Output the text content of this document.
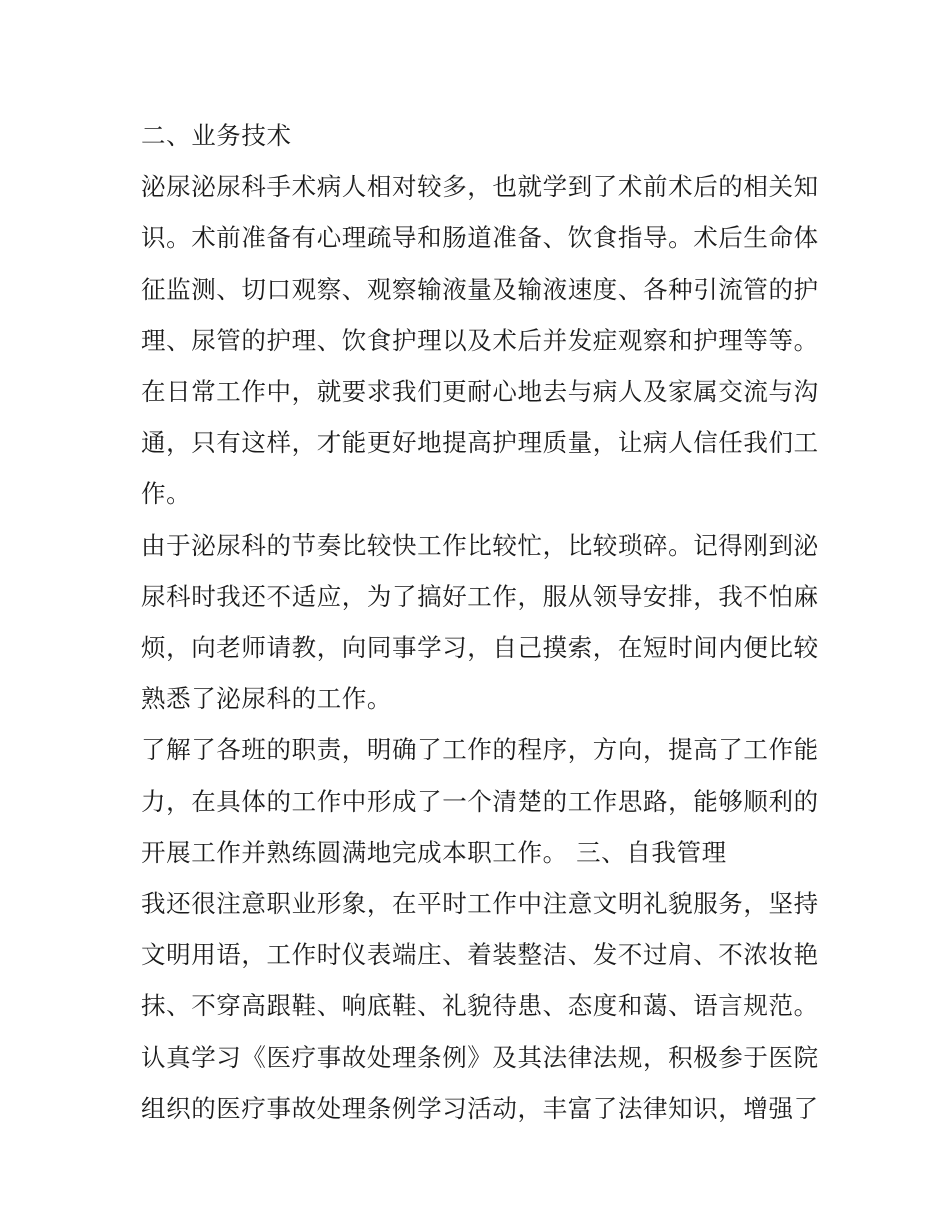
二、业务技术

泌尿泌尿科手术病人相对较多，也就学到了术前术后的相关知识。术前准备有心理疏导和肠道准备、饮食指导。术后生命体征监测、切口观察、观察输液量及输液速度、各种引流管的护理、尿管的护理、饮食护理以及术后并发症观察和护理等等。

在日常工作中，就要求我们更耐心地去与病人及家属交流与沟通，只有这样，才能更好地提高护理质量，让病人信任我们工作。

由于泌尿科的节奏比较快工作比较忙，比较琐碎。记得刚到泌尿科时我还不适应，为了搞好工作，服从领导安排，我不怕麻烦，向老师请教，向同事学习，自己摸索，在短时间内便比较熟悉了泌尿科的工作。

了解了各班的职责，明确了工作的程序，方向，提高了工作能力，在具体的工作中形成了一个清楚的工作思路，能够顺利的开展工作并熟练圆满地完成本职工作。 三、自我管理

我还很注意职业形象，在平时工作中注意文明礼貌服务，坚持文明用语，工作时仪表端庄、着装整洁、发不过肩、不浓妆艳抹、不穿高跟鞋、响底鞋、礼貌待患、态度和蔼、语言规范。

认真学习《医疗事故处理条例》及其法律法规，积极参于医院组织的医疗事故处理条例学习活动，丰富了法律知识，增强了
